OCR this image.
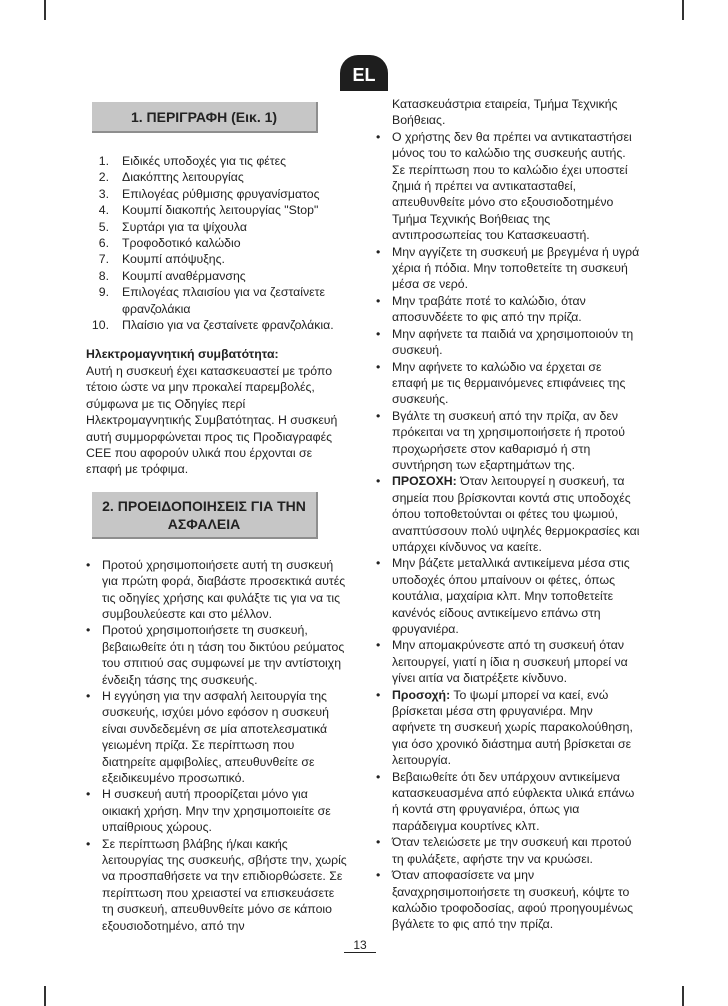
EL
1. ΠΕΡΙΓΡΑΦΗ (Εικ. 1)
1. Ειδικές υποδοχές για τις φέτες
2. Διακόπτης λειτουργίας
3. Επιλογέας ρύθμισης φρυγανίσματος
4. Κουμπί διακοπής λειτουργίας "Stop"
5. Συρτάρι για τα ψίχουλα
6. Τροφοδοτικό καλώδιο
7. Κουμπί απόψυξης.
8. Κουμπί αναθέρμανσης
9. Επιλογέας πλαισίου για να ζεσταίνετε φρανζολάκια
10. Πλαίσιο για να ζεσταίνετε φρανζολάκια.
Ηλεκτρομαγνητική συμβατότητα:
Αυτή η συσκευή έχει κατασκευαστεί με τρόπο τέτοιο ώστε να μην προκαλεί παρεμβολές, σύμφωνα με τις Οδηγίες περί Ηλεκτρομαγνητικής Συμβατότητας. Η συσκευή αυτή συμμορφώνεται προς τις Προδιαγραφές CEE που αφορούν υλικά που έρχονται σε επαφή με τρόφιμα.
2. ΠΡΟΕΙΔΟΠΟΙΗΣΕΙΣ ΓΙΑ ΤΗΝ ΑΣΦΑΛΕΙΑ
• Προτού χρησιμοποιήσετε αυτή τη συσκευή για πρώτη φορά, διαβάστε προσεκτικά αυτές τις οδηγίες χρήσης και φυλάξτε τις για να τις συμβουλεύεστε και στο μέλλον.
• Προτού χρησιμοποιήσετε τη συσκευή, βεβαιωθείτε ότι η τάση του δικτύου ρεύματος του σπιτιού σας συμφωνεί με την αντίστοιχη ένδειξη τάσης της συσκευής.
• Η εγγύηση για την ασφαλή λειτουργία της συσκευής, ισχύει μόνο εφόσον η συσκευή είναι συνδεδεμένη σε μία αποτελεσματικά γειωμένη πρίζα. Σε περίπτωση που διατηρείτε αμφιβολίες, απευθυνθείτε σε εξειδικευμένο προσωπικό.
• Η συσκευή αυτή προορίζεται μόνο για οικιακή χρήση. Μην την χρησιμοποιείτε σε υπαίθριους χώρους.
• Σε περίπτωση βλάβης ή/και κακής λειτουργίας της συσκευής, σβήστε την, χωρίς να προσπαθήσετε να την επιδιορθώσετε. Σε περίπτωση που χρειαστεί να επισκευάσετε τη συσκευή, απευθυνθείτε μόνο σε κάποιο εξουσιοδοτημένο, από την
Κατασκευάστρια εταιρεία, Τμήμα Τεχνικής Βοήθειας.
• Ο χρήστης δεν θα πρέπει να αντικαταστήσει μόνος του το καλώδιο της συσκευής αυτής. Σε περίπτωση που το καλώδιο έχει υποστεί ζημιά ή πρέπει να αντικατασταθεί, απευθυνθείτε μόνο στο εξουσιοδοτημένο Τμήμα Τεχνικής Βοήθειας της αντιπροσωπείας του Κατασκευαστή.
• Μην αγγίζετε τη συσκευή με βρεγμένα ή υγρά χέρια ή πόδια. Μην τοποθετείτε τη συσκευή μέσα σε νερό.
• Μην τραβάτε ποτέ το καλώδιο, όταν αποσυνδέετε το φις από την πρίζα.
• Μην αφήνετε τα παιδιά να χρησιμοποιούν τη συσκευή.
• Μην αφήνετε το καλώδιο να έρχεται σε επαφή με τις θερμαινόμενες επιφάνειες της συσκευής.
• Βγάλτε τη συσκευή από την πρίζα, αν δεν πρόκειται να τη χρησιμοποιήσετε ή προτού προχωρήσετε στον καθαρισμό ή στη συντήρηση των εξαρτημάτων της.
• ΠΡΟΣΟΧΗ: Όταν λειτουργεί η συσκευή, τα σημεία που βρίσκονται κοντά στις υποδοχές όπου τοποθετούνται οι φέτες του ψωμιού, αναπτύσσουν πολύ υψηλές θερμοκρασίες και υπάρχει κίνδυνος να καείτε.
• Μην βάζετε μεταλλικά αντικείμενα μέσα στις υποδοχές όπου μπαίνουν οι φέτες, όπως κουτάλια, μαχαίρια κλπ. Μην τοποθετείτε κανένός είδους αντικείμενο επάνω στη φρυγανιέρα.
• Μην απομακρύνεστε από τη συσκευή όταν λειτουργεί, γιατί η ίδια η συσκευή μπορεί να γίνει αιτία να διατρέξετε κίνδυνο.
• Προσοχή: Το ψωμί μπορεί να καεί, ενώ βρίσκεται μέσα στη φρυγανιέρα. Μην αφήνετε τη συσκευή χωρίς παρακολούθηση, για όσο χρονικό διάστημα αυτή βρίσκεται σε λειτουργία.
• Βεβαιωθείτε ότι δεν υπάρχουν αντικείμενα κατασκευασμένα από εύφλεκτα υλικά επάνω ή κοντά στη φρυγανιέρα, όπως για παράδειγμα κουρτίνες κλπ.
• Όταν τελειώσετε με την συσκευή και προτού τη φυλάξετε, αφήστε την να κρυώσει.
• Όταν αποφασίσετε να μην ξαναχρησιμοποιήσετε τη συσκευή, κόψτε το καλώδιο τροφοδοσίας, αφού προηγουμένως βγάλετε το φις από την πρίζα.
13
